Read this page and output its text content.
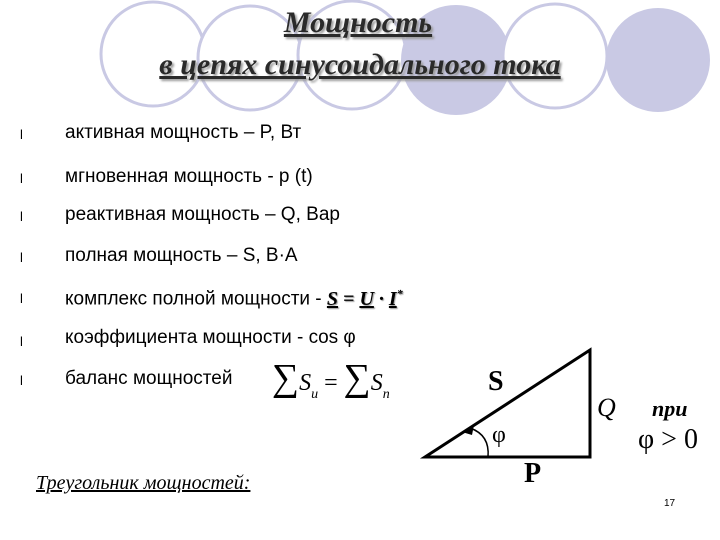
Мощность
в цепях синусоидального тока
l
l
l
l
l
l
l
активная мощность – P, Вт
мгновенная мощность - p (t)
реактивная мощность – Q, Вар
полная мощность – S, В·А
комплекс полной мощности - S = U · I*
коэффициента мощности - cos φ
баланс мощностей $\sum S_и = \sum S_п$	S
Q
P
φ
при
φ > 0
Треугольник мощностей:
17
